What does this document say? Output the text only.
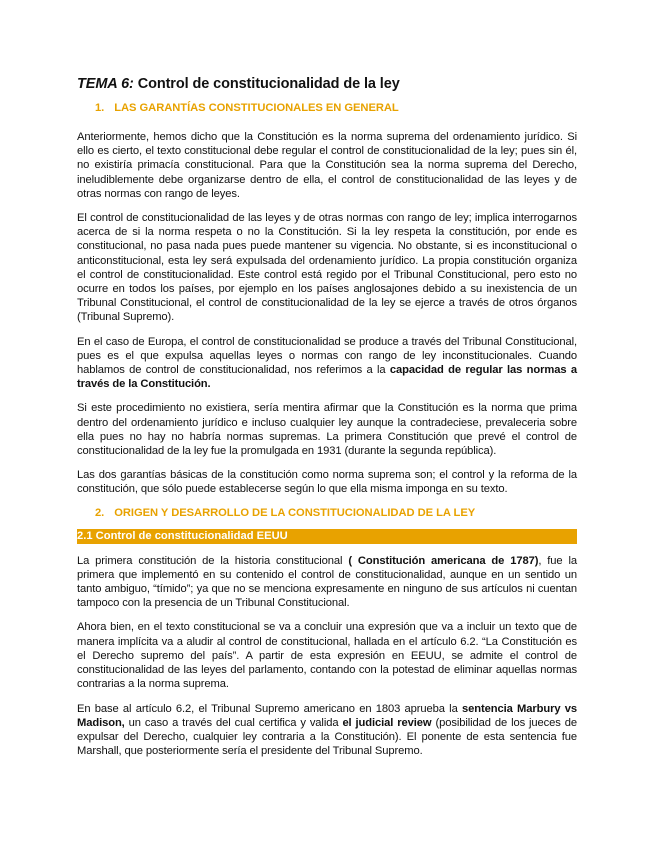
TEMA 6: Control de constitucionalidad de la ley
1. LAS GARANTÍAS CONSTITUCIONALES EN GENERAL

Anteriormente, hemos dicho que la Constitución es la norma suprema del ordenamiento jurídico. Si ello es cierto, el texto constitucional debe regular el control de constitucionalidad de la ley; pues sin él, no existiría primacía constitucional. Para que la Constitución sea la norma suprema del Derecho, ineludiblemente debe organizarse dentro de ella, el control de constitucionalidad de las leyes y de otras normas con rango de leyes.

El control de constitucionalidad de las leyes y de otras normas con rango de ley; implica interrogarnos acerca de si la norma respeta o no la Constitución. Si la ley respeta la constitución, por ende es constitucional, no pasa nada pues puede mantener su vigencia. No obstante, si es inconstitucional o anticonstitucional, esta ley será expulsada del ordenamiento jurídico. La propia constitución organiza el control de constitucionalidad. Este control está regido por el Tribunal Constitucional, pero esto no ocurre en todos los países, por ejemplo en los países anglosajones debido a su inexistencia de un Tribunal Constitucional, el control de constitucionalidad de la ley se ejerce a través de otros órganos (Tribunal Supremo).

En el caso de Europa, el control de constitucionalidad se produce a través del Tribunal Constitucional, pues es el que expulsa aquellas leyes o normas con rango de ley inconstitucionales. Cuando hablamos de control de constitucionalidad, nos referimos a la capacidad de regular las normas a través de la Constitución.

Si este procedimiento no existiera, sería mentira afirmar que la Constitución es la norma que prima dentro del ordenamiento jurídico e incluso cualquier ley aunque la contradeciese, prevaleceria sobre ella pues no hay no habría normas supremas. La primera Constitución que prevé el control de constitucionalidad de la ley fue la promulgada en 1931 (durante la segunda república).

Las dos garantías básicas de la constitución como norma suprema son; el control y la reforma de la constitución, que sólo puede establecerse según lo que ella misma imponga en su texto.

2. ORIGEN Y DESARROLLO DE LA CONSTITUCIONALIDAD DE LA LEY
2.1 Control de constitucionalidad EEUU

La primera constitución de la historia constitucional ( Constitución americana de 1787), fue la primera que implementó en su contenido el control de constitucionalidad, aunque en un sentido un tanto ambiguo, “tímido”; ya que no se menciona expresamente en ninguno de sus artículos ni cuentan tampoco con la presencia de un Tribunal Constitucional.

Ahora bien, en el texto constitucional se va a concluir una expresión que va a incluir un texto que de manera implícita va a aludir al control de constitucional, hallada en el artículo 6.2. “La Constitución es el Derecho supremo del país”. A partir de esta expresión en EEUU, se admite el control de constitucionalidad de las leyes del parlamento, contando con la potestad de eliminar aquellas normas contrarias a la norma suprema.

En base al artículo 6.2, el Tribunal Supremo americano en 1803 aprueba la sentencia Marbury vs Madison, un caso a través del cual certifica y valida el judicial review (posibilidad de los jueces de expulsar del Derecho, cualquier ley contraria a la Constitución). El ponente de esta sentencia fue Marshall, que posteriormente sería el presidente del Tribunal Supremo.
